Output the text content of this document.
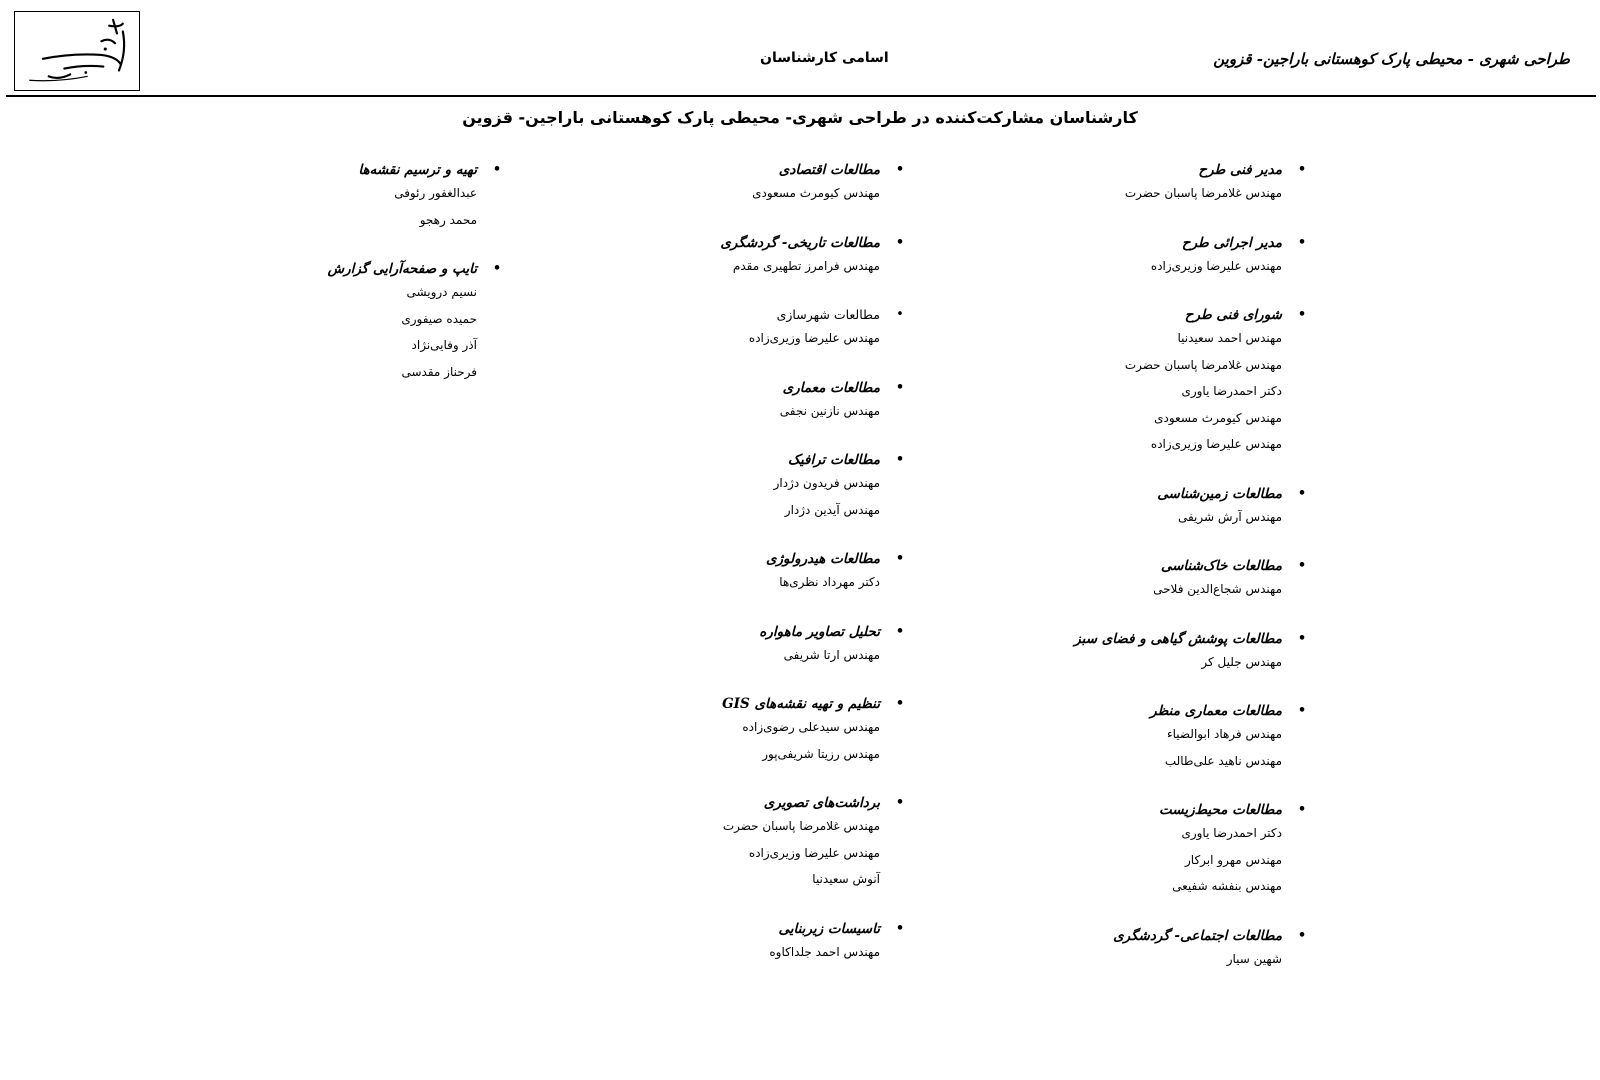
اسامی کارشناسان	طراحی شهری - محیطی پارک کوهستانی باراجین- قزوین
کارشناسان مشارکت‌کننده در طراحی شهری- محیطی پارک کوهستانی باراجین- قزوین
•
مدیر فنی طرح
مهندس غلامرضا پاسبان حضرت
•
مدیر اجرائی طرح
مهندس علیرضا وزیری‌زاده
•
شورای فنی طرح
مهندس احمد سعیدنیا
مهندس غلامرضا پاسبان حضرت
دکتر احمدرضا یاوری
مهندس کیومرث مسعودی
مهندس علیرضا وزیری‌زاده
•
مطالعات زمین‌شناسی
مهندس آرش شریفی
•
مطالعات خاک‌شناسی
مهندس شجاع‌الدین فلاحی
•
مطالعات پوشش گیاهی و فضای سبز
مهندس جلیل کر
•
مطالعات معماری منظر
مهندس فرهاد ابوالضیاء
مهندس ناهید علی‌طالب
•
مطالعات محیط‌زیست
دکتر احمدرضا یاوری
مهندس مهرو ابرکار
مهندس بنفشه شفیعی
•
مطالعات اجتماعی- گردشگری
شهین سیار
•
مطالعات اقتصادی
مهندس کیومرث مسعودی
•
مطالعات تاریخی- گردشگری
مهندس فرامرز تطهیری مقدم
•
مطالعات شهرسازی
مهندس علیرضا وزیری‌زاده
•
مطالعات معماری
مهندس نازنین نجفی
•
مطالعات ترافیک
مهندس فریدون دژدار
مهندس آیدین دژدار
•
مطالعات هیدرولوژی
دکتر مهرداد نظری‌ها
•
تحلیل تصاویر ماهواره
مهندس ارتا شریفی
•
تنظیم و تهیه نقشه‌های GIS
مهندس سیدعلی رضوی‌زاده
مهندس رزیتا شریفی‌پور
•
برداشت‌های تصویری
مهندس غلامرضا پاسبان حضرت
مهندس علیرضا وزیری‌زاده
آنوش سعیدنیا
•
تاسیسات زیربنایی
مهندس احمد جلداکاوه
•
تهیه و ترسیم نقشه‌ها
عبدالغفور رئوفی
محمد رهجو
•
تایپ و صفحه‌آرایی گزارش
نسیم درویشی
حمیده صیفوری
آذر وفایی‌نژاد
فرحناز مقدسی
